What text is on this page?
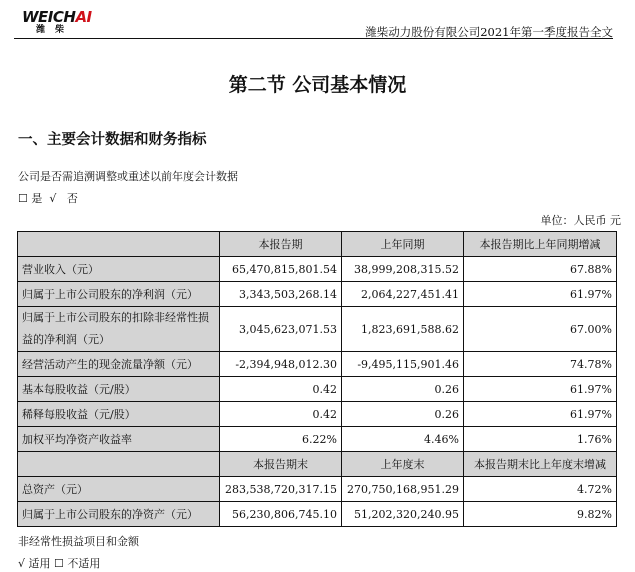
WEICHAI
潍柴	潍柴动力股份有限公司2021年第一季度报告全文
第二节 公司基本情况
一、主要会计数据和财务指标
公司是否需追溯调整或重述以前年度会计数据
☐ 是 √ 否
单位：人民币 元
	本报告期	上年同期	本报告期比上年同期增减
营业收入（元）	65,470,815,801.54	38,999,208,315.52	67.88%
归属于上市公司股东的净利润（元）	3,343,503,268.14	2,064,227,451.41	61.97%
归属于上市公司股东的扣除非经常性损益的净利润（元）	3,045,623,071.53	1,823,691,588.62	67.00%
经营活动产生的现金流量净额（元）	-2,394,948,012.30	-9,495,115,901.46	74.78%
基本每股收益（元/股）	0.42	0.26	61.97%
稀释每股收益（元/股）	0.42	0.26	61.97%
加权平均净资产收益率	6.22%	4.46%	1.76%
	本报告期末	上年度末	本报告期末比上年度末增减
总资产（元）	283,538,720,317.15	270,750,168,951.29	4.72%
归属于上市公司股东的净资产（元）	56,230,806,745.10	51,202,320,240.95	9.82%
非经常性损益项目和金额
√ 适用 ☐ 不适用
